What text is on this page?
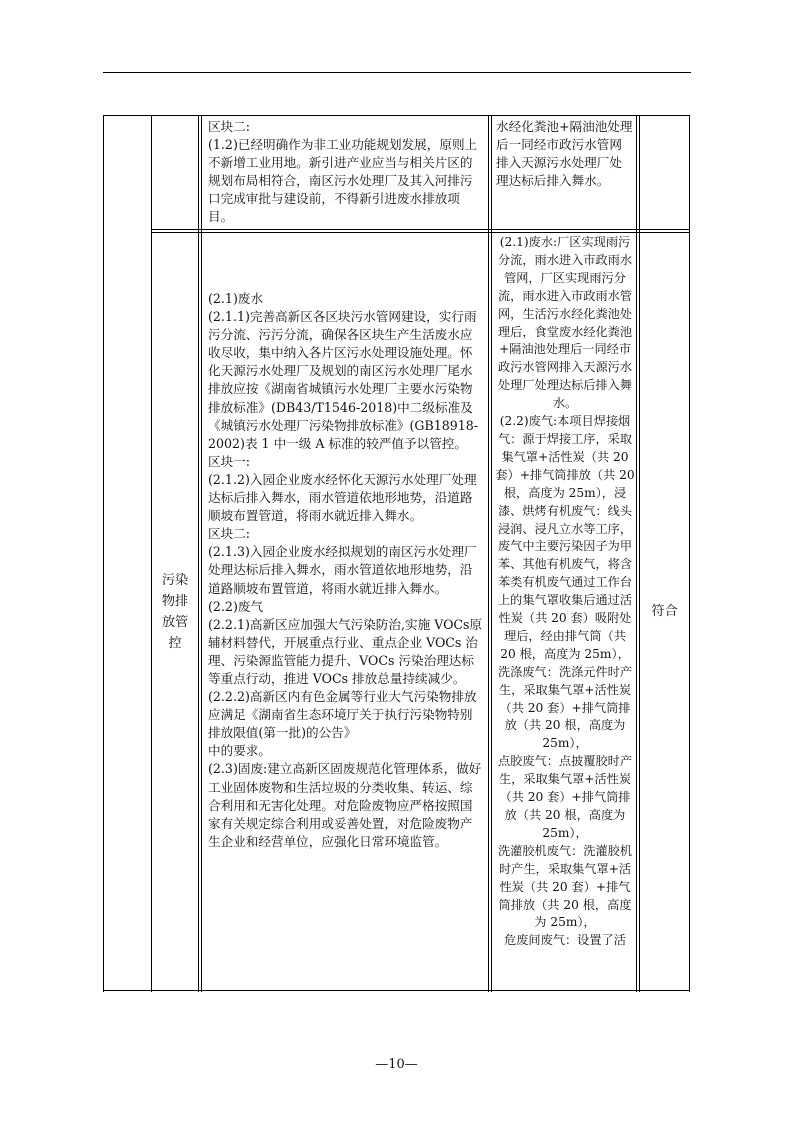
区块二:

(1.2)已经明确作为非工业功能规划发展，原则上不新增工业用地。新引进产业应当与相关片区的规划布局相符合，南区污水处理厂及其入河排污口完成审批与建设前，不得新引进废水排放项目。

水经化粪池+隔油池处理后一同经市政污水管网排入天源污水处理厂处理达标后排入舞水。

污染物排放管控

(2.1)废水

(2.1.1)完善高新区各区块污水管网建设，实行雨污分流、污污分流，确保各区块生产生活废水应收尽收，集中纳入各片区污水处理设施处理。怀化天源污水处理厂及规划的南区污水处理厂尾水排放应按《湖南省城镇污水处理厂主要水污染物排放标准》(DB43/T1546-2018)中二级标准及《城镇污水处理厂污染物排放标准》(GB18918-2002)表 1 中一级 A 标准的较严值予以管控。

区块一:

(2.1.2)入园企业废水经怀化天源污水处理厂处理达标后排入舞水，雨水管道依地形地势，沿道路顺坡布置管道，将雨水就近排入舞水。

区块二:

(2.1.3)入园企业废水经拟规划的南区污水处理厂处理达标后排入舞水，雨水管道依地形地势，沿道路顺坡布置管道，将雨水就近排入舞水。

(2.2)废气

(2.2.1)高新区应加强大气污染防治,实施 VOCs原辅材料替代，开展重点行业、重点企业 VOCs 治理、污染源监管能力提升、VOCs 污染治理达标等重点行动，推进 VOCs 排放总量持续减少。

(2.2.2)高新区内有色金属等行业大气污染物排放应满足《湖南省生态环境厅关于执行污染物特别排放限值(第一批)的公告》

中的要求。

(2.3)固废:建立高新区固废规范化管理体系，做好工业固体废物和生活垃圾的分类收集、转运、综合利用和无害化处理。对危险废物应严格按照国家有关规定综合利用或妥善处置，对危险废物产生企业和经营单位，应强化日常环境监管。

(2.1)废水:厂区实现雨污分流，雨水进入市政雨水管网，厂区实现雨污分流，雨水进入市政雨水管网，生活污水经化粪池处理后，食堂废水经化粪池+隔油池处理后一同经市政污水管网排入天源污水处理厂处理达标后排入舞水。

(2.2)废气:本项目焊接烟气：源于焊接工序，采取集气罩+活性炭（共 20 套）+排气筒排放（共 20 根，高度为 25m），浸漆、烘烤有机废气：线头浸润、浸凡立水等工序，废气中主要污染因子为甲苯、其他有机废气，将含苯类有机废气通过工作台上的集气罩收集后通过活性炭（共 20 套）吸附处理后，经由排气筒（共 20 根，高度为 25m），洗涤废气：洗涤元件时产生，采取集气罩+活性炭（共 20 套）+排气筒排放（共 20 根，高度为 25m），

点胶废气：点披覆胶时产生，采取集气罩+活性炭（共 20 套）+排气筒排放（共 20 根，高度为 25m），

洗灌胶机废气：洗灌胶机时产生，采取集气罩+活性炭（共 20 套）+排气筒排放（共 20 根，高度为 25m），

危废间废气：设置了活

符合
—10—
